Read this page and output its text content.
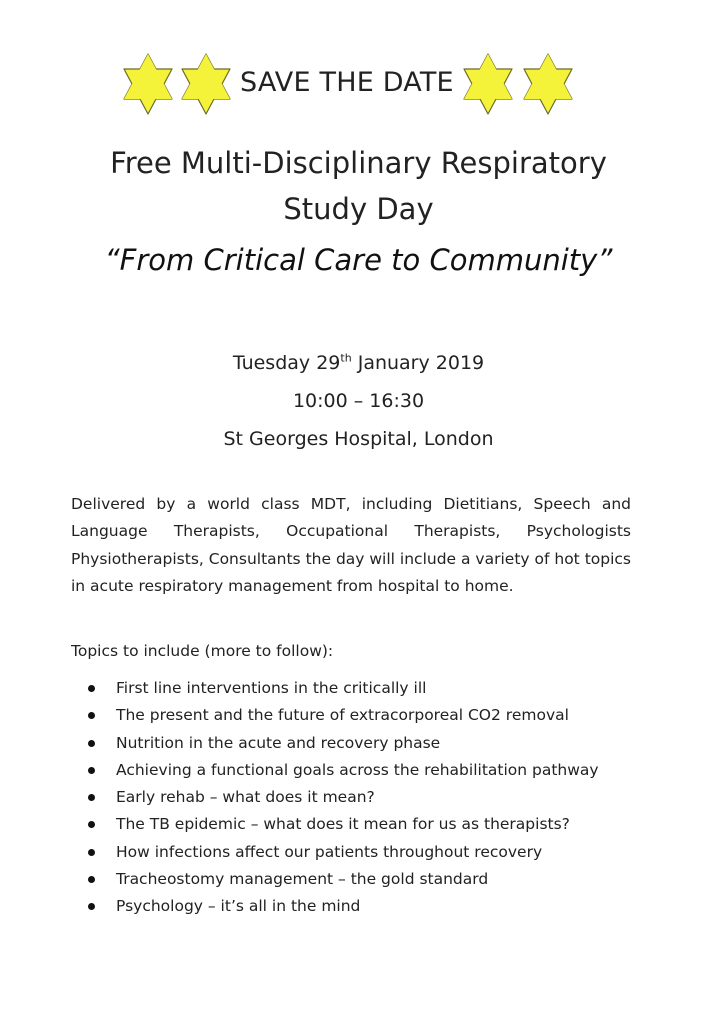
SAVE THE DATE
Free Multi-Disciplinary Respiratory
Study Day
“From Critical Care to Community”
Tuesday 29th January 2019
10:00 – 16:30
St Georges Hospital, London
Delivered by a world class MDT, including Dietitians, Speech and Language Therapists, Occupational Therapists, Psychologists Physiotherapists, Consultants the day will include a variety of hot topics in acute respiratory management from hospital to home.
Topics to include (more to follow):
First line interventions in the critically ill
The present and the future of extracorporeal CO2 removal
Nutrition in the acute and recovery phase
Achieving a functional goals across the rehabilitation pathway
Early rehab – what does it mean?
The TB epidemic – what does it mean for us as therapists?
How infections affect our patients throughout recovery
Tracheostomy management – the gold standard
Psychology – it’s all in the mind
